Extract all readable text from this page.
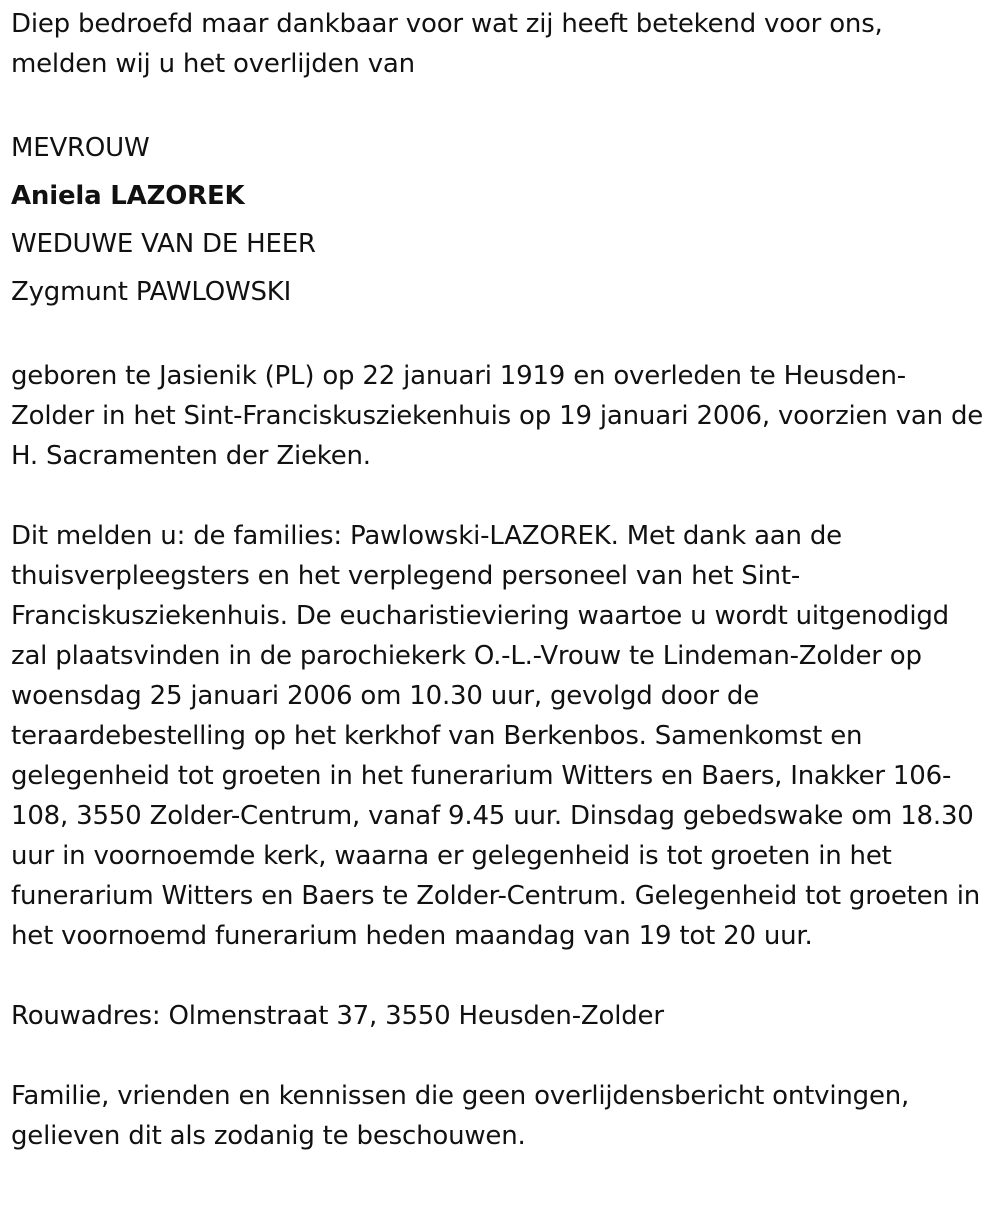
Diep bedroefd maar dankbaar voor wat zij heeft betekend voor ons, melden wij u het overlijden van

MEVROUW
Aniela LAZOREK
WEDUWE VAN DE HEER
Zygmunt PAWLOWSKI

geboren te Jasienik (PL) op 22 januari 1919 en overleden te Heusden-Zolder in het Sint-Franciskusziekenhuis op 19 januari 2006, voorzien van de H. Sacramenten der Zieken.

Dit melden u: de families: Pawlowski-LAZOREK. Met dank aan de thuisverpleegsters en het verplegend personeel van het Sint-Franciskusziekenhuis. De eucharistieviering waartoe u wordt uitgenodigd zal plaatsvinden in de parochiekerk O.-L.-Vrouw te Lindeman-Zolder op woensdag 25 januari 2006 om 10.30 uur, gevolgd door de teraardebestelling op het kerkhof van Berkenbos. Samenkomst en gelegenheid tot groeten in het funerarium Witters en Baers, Inakker 106-108, 3550 Zolder-Centrum, vanaf 9.45 uur. Dinsdag gebedswake om 18.30 uur in voornoemde kerk, waarna er gelegenheid is tot groeten in het funerarium Witters en Baers te Zolder-Centrum. Gelegenheid tot groeten in het voornoemd funerarium heden maandag van 19 tot 20 uur.

Rouwadres: Olmenstraat 37, 3550 Heusden-Zolder

Familie, vrienden en kennissen die geen overlijdensbericht ontvingen, gelieven dit als zodanig te beschouwen.
